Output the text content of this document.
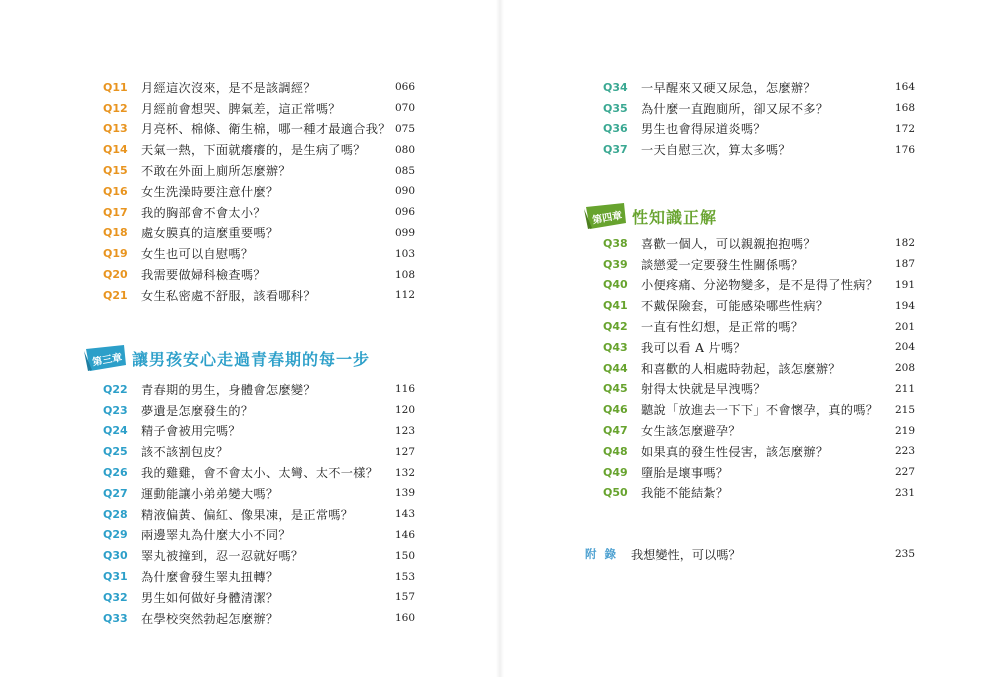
Q11	月經這次沒來，是不是該調經？	066
Q12	月經前會想哭、脾氣差，這正常嗎？	070
Q13	月亮杯、棉條、衛生棉，哪一種才最適合我？ 075
Q14	天氣一熱，下面就癢癢的，是生病了嗎？	080
Q15	不敢在外面上廁所怎麼辦？	085
Q16	女生洗澡時要注意什麼？	090
Q17	我的胸部會不會太小？	096
Q18	處女膜真的這麼重要嗎？	099
Q19	女生也可以自慰嗎？	103
Q20	我需要做婦科檢查嗎？	108
Q21	女生私密處不舒服，該看哪科？	112
第三章 讓男孩安心走過青春期的每一步
Q22	青春期的男生，身體會怎麼變？	116
Q23	夢遺是怎麼發生的？	120
Q24	精子會被用完嗎？	123
Q25	該不該割包皮？	127
Q26	我的雞雞，會不會太小、太彎、太不一樣？	132
Q27	運動能讓小弟弟變大嗎？	139
Q28	精液偏黃、偏紅、像果凍，是正常嗎？	143
Q29	兩邊睪丸為什麼大小不同？	146
Q30	睪丸被撞到，忍一忍就好嗎？	150
Q31	為什麼會發生睪丸扭轉？	153
Q32	男生如何做好身體清潔？	157
Q33	在學校突然勃起怎麼辦？	160
Q34	一早醒來又硬又尿急，怎麼辦？	164
Q35	為什麼一直跑廁所，卻又尿不多？	168
Q36	男生也會得尿道炎嗎？	172
Q37	一天自慰三次，算太多嗎？	176
第四章 性知識正解
Q38	喜歡一個人，可以親親抱抱嗎？	182
Q39	談戀愛一定要發生性關係嗎？	187
Q40	小便疼痛、分泌物變多，是不是得了性病？	191
Q41	不戴保險套，可能感染哪些性病？	194
Q42	一直有性幻想，是正常的嗎？	201
Q43	我可以看 A 片嗎？	204
Q44	和喜歡的人相處時勃起，該怎麼辦？	208
Q45	射得太快就是早洩嗎？	211
Q46	聽說「放進去一下下」不會懷孕，真的嗎？	215
Q47	女生該怎麼避孕？	219
Q48	如果真的發生性侵害，該怎麼辦？	223
Q49	墮胎是壞事嗎？	227
Q50	我能不能結紮？	231
附錄 我想變性，可以嗎？	235
